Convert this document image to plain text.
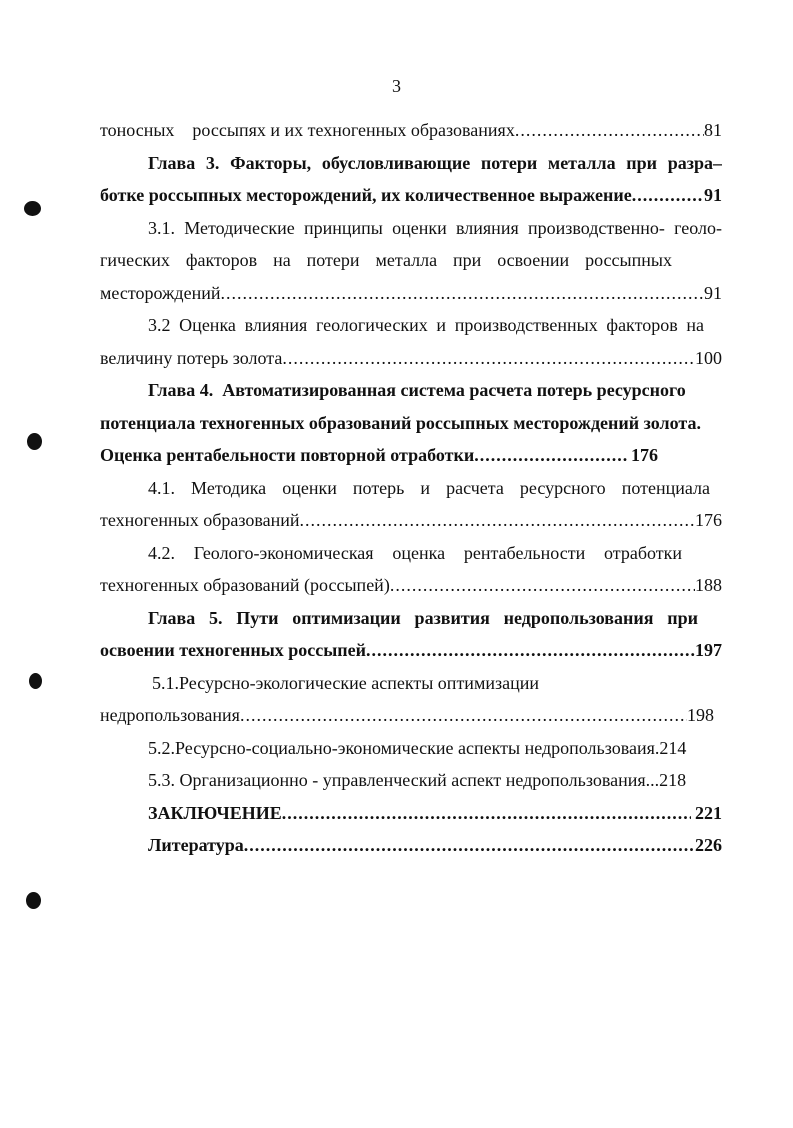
3
тоносных    россыпях и их техногенных образованиях .....	81
Глава 3. Факторы, обусловливающие потери металла при разра–
ботке россыпных месторождений, их количественное выражение .....	91
3.1. Методические принципы оценки влияния производственно- геоло-
гических факторов на потери металла при освоении россыпных
месторождений .....	91
3.2 Оценка влияния геологических и производственных факторов на
величину потерь золота .....	100
Глава 4.  Автоматизированная система расчета потерь ресурсного
потенциала техногенных образований россыпных месторождений золота.
Оценка рентабельности повторной отработки .....	176
4.1. Методика оценки потерь и расчета ресурсного потенциала
техногенных образований .....	176
4.2. Геолого-экономическая оценка рентабельности отработки
техногенных образований (россыпей) .....	188
Глава 5. Пути оптимизации развития недропользования при
освоении техногенных россыпей .....	197
5.1.Ресурсно-экологические аспекты оптимизации
недропользования .....	198
5.2.Ресурсно-социально-экономические аспекты недропользоваия.214
5.3. Организационно - управленческий аспект недропользования...218
ЗАКЛЮЧЕНИЕ .....	221
Литература .....	226
